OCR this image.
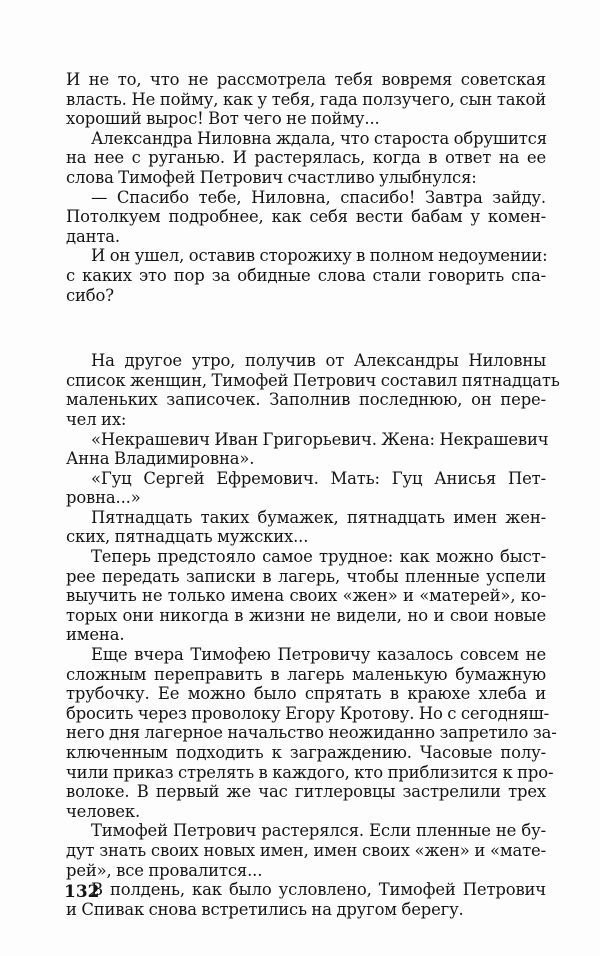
И не то, что не рассмотрела тебя вовремя советская
власть. Не пойму, как у тебя, гада ползучего, сын такой
хороший вырос! Вот чего не пойму...
Александра Ниловна ждала, что староста обрушится
на нее с руганью. И растерялась, когда в ответ на ее
слова Тимофей Петрович счастливо улыбнулся:
— Спасибо тебе, Ниловна, спасибо! Завтра зайду.
Потолкуем подробнее, как себя вести бабам у комен-
данта.
И он ушел, оставив сторожиху в полном недоумении:
с каких это пор за обидные слова стали говорить спа-
сибо?
На другое утро, получив от Александры Ниловны
список женщин, Тимофей Петрович составил пятнадцать
маленьких записочек. Заполнив последнюю, он пере-
чел их:
«Некрашевич Иван Григорьевич. Жена: Некрашевич
Анна Владимировна».
«Гуц Сергей Ефремович. Мать: Гуц Анисья Пет-
ровна...»
Пятнадцать таких бумажек, пятнадцать имен жен-
ских, пятнадцать мужских...
Теперь предстояло самое трудное: как можно быст-
рее передать записки в лагерь, чтобы пленные успели
выучить не только имена своих «жен» и «матерей», ко-
торых они никогда в жизни не видели, но и свои новые
имена.
Еще вчера Тимофею Петровичу казалось совсем не
сложным переправить в лагерь маленькую бумажную
трубочку. Ее можно было спрятать в краюхе хлеба и
бросить через проволоку Егору Кротову. Но с сегодняш-
него дня лагерное начальство неожиданно запретило за-
ключенным подходить к заграждению. Часовые полу-
чили приказ стрелять в каждого, кто приблизится к про-
волоке. В первый же час гитлеровцы застрелили трех
человек.
Тимофей Петрович растерялся. Если пленные не бу-
дут знать своих новых имен, имен своих «жен» и «мате-
рей», все провалится...
В полдень, как было условлено, Тимофей Петрович
и Спивак снова встретились на другом берегу.
132
